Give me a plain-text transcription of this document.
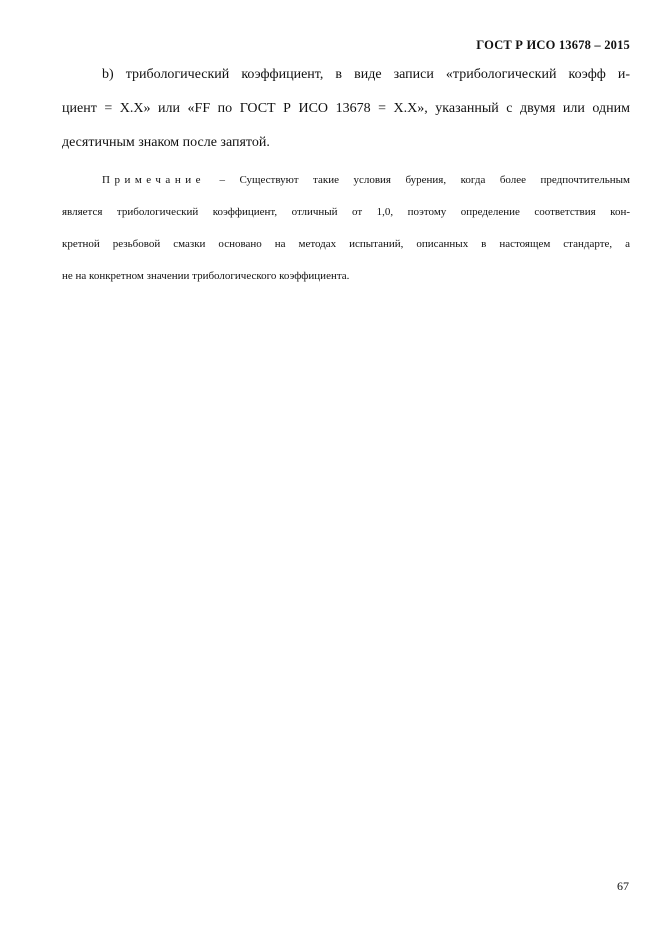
ГОСТ Р ИСО 13678 – 2015
b) трибологический коэффициент, в виде записи «трибологический коэфф и-
циент = Х.Х» или «FF по ГОСТ Р ИСО 13678 = Х.Х», указанный с двумя или одним
десятичным знаком после запятой.
Примечание – Существуют такие условия бурения, когда более предпочтительным
является трибологический коэффициент, отличный от 1,0, поэтому определение соответствия кон-
кретной резьбовой смазки основано на методах испытаний, описанных в настоящем стандарте, а
не на конкретном значении трибологического коэффициента.
67
